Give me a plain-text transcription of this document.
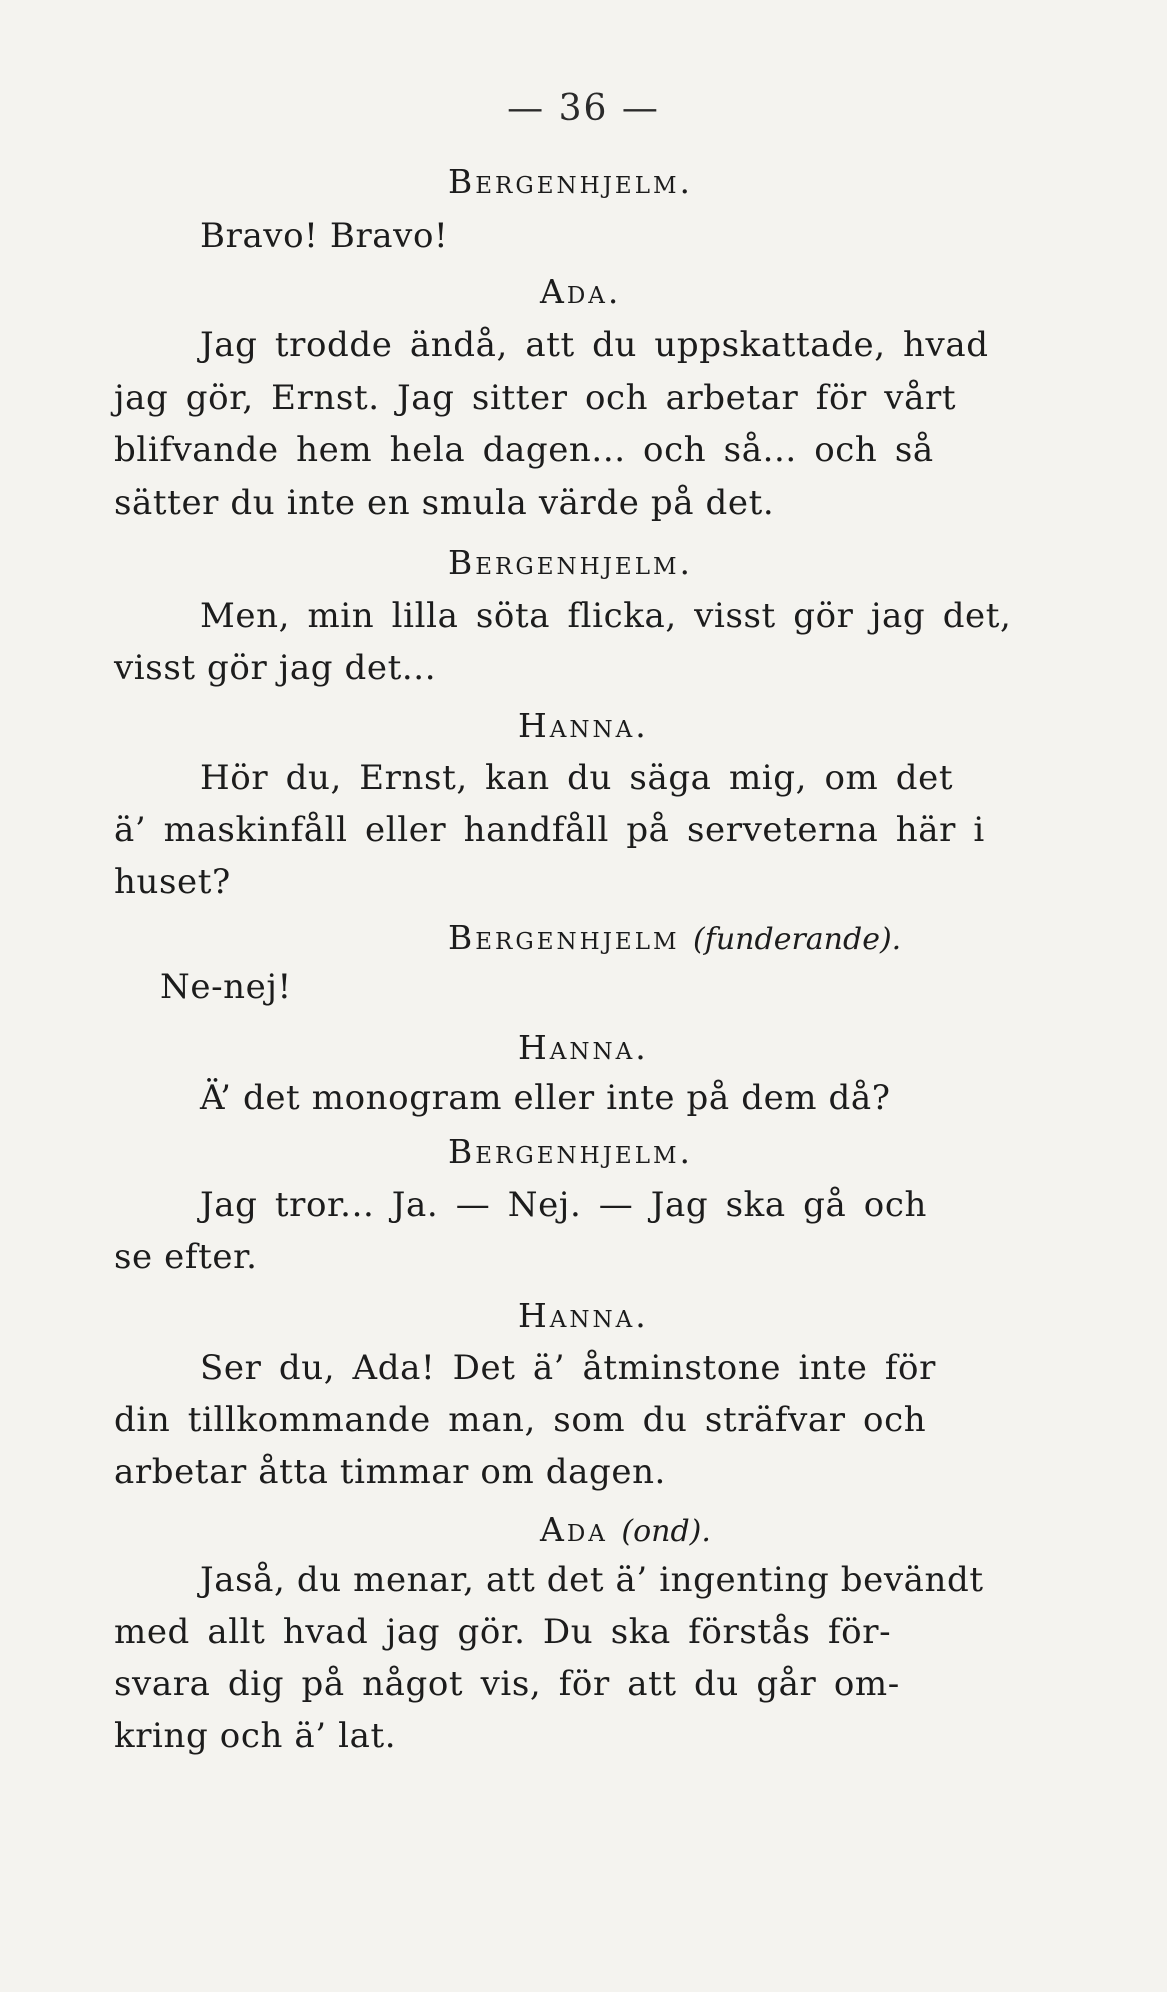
— 36 —
Bergenhjelm.
Bravo! Bravo!
Ada.
Jag trodde ändå, att du uppskattade, hvad
jag gör, Ernst. Jag sitter och arbetar för vårt
blifvande hem hela dagen... och så... och så
sätter du inte en smula värde på det.
Bergenhjelm.
Men, min lilla söta flicka, visst gör jag det,
visst gör jag det...
Hanna.
Hör du, Ernst, kan du säga mig, om det
ä’ maskinfåll eller handfåll på serveterna här i
huset?
Bergenhjelm (funderande).
Ne-nej!
Hanna.
Ä’ det monogram eller inte på dem då?
Bergenhjelm.
Jag tror... Ja. — Nej. — Jag ska gå och
se efter.
Hanna.
Ser du, Ada! Det ä’ åtminstone inte för
din tillkommande man, som du sträfvar och
arbetar åtta timmar om dagen.
Ada (ond).
Jaså, du menar, att det ä’ ingenting bevändt
med allt hvad jag gör. Du ska förstås för-
svara dig på något vis, för att du går om-
kring och ä’ lat.
